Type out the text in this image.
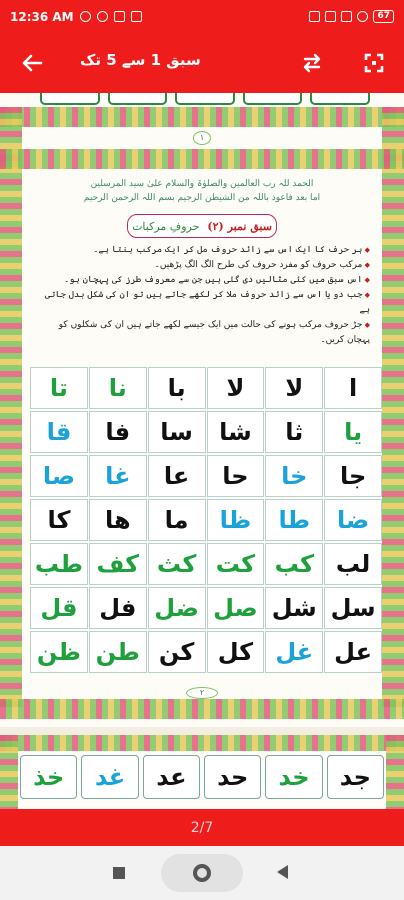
12:36 AM	67
سبق 1 سے 5 تک
۱
الحمد للہ رب العالمین والصلوٰۃ والسلام علیٰ سید المرسلین
اما بعد فاعوذ باللہ من الشیطن الرجیم بسم اللہ الرحمن الرحیم
حروفِ مرکبات سبق نمبر (۲)
◆ ہر حرف کا ایک اس سے زائد حروف مل کر ایک مرکب بنتا ہے۔
◆ مرکب حروف کو مفرد حروف کی طرح الگ الگ پڑھیں۔
◆ اس سبق میں کئی مثالیں دی گئی ہیں جن سے معروف طرز کی پہچان ہو۔
◆ جب دو یا اس سے زائد حروف ملا کر لکھے جاتے ہیں تو ان کی شکل بدل جاتی ہے
◆ جڑ حروف مرکب ہونے کی حالت میں ایک جیسے لکھے جاتے ہیں ان کی شکلوں کو پہچان کریں۔
ا
لا
لا
با
نا
تا
يا
ثا
شا
سا
فا
قا
جا
خا
حا
عا
غا
صا
ضا
طا
ظا
ما
ها
كا
لب
كب
كت
كث
كف
طب
سل
شل
صل
ضل
فل
قل
عل
غل
كل
كن
طن
ظن
۲
جد
خد
حد
عد
غد
خذ
2/7
